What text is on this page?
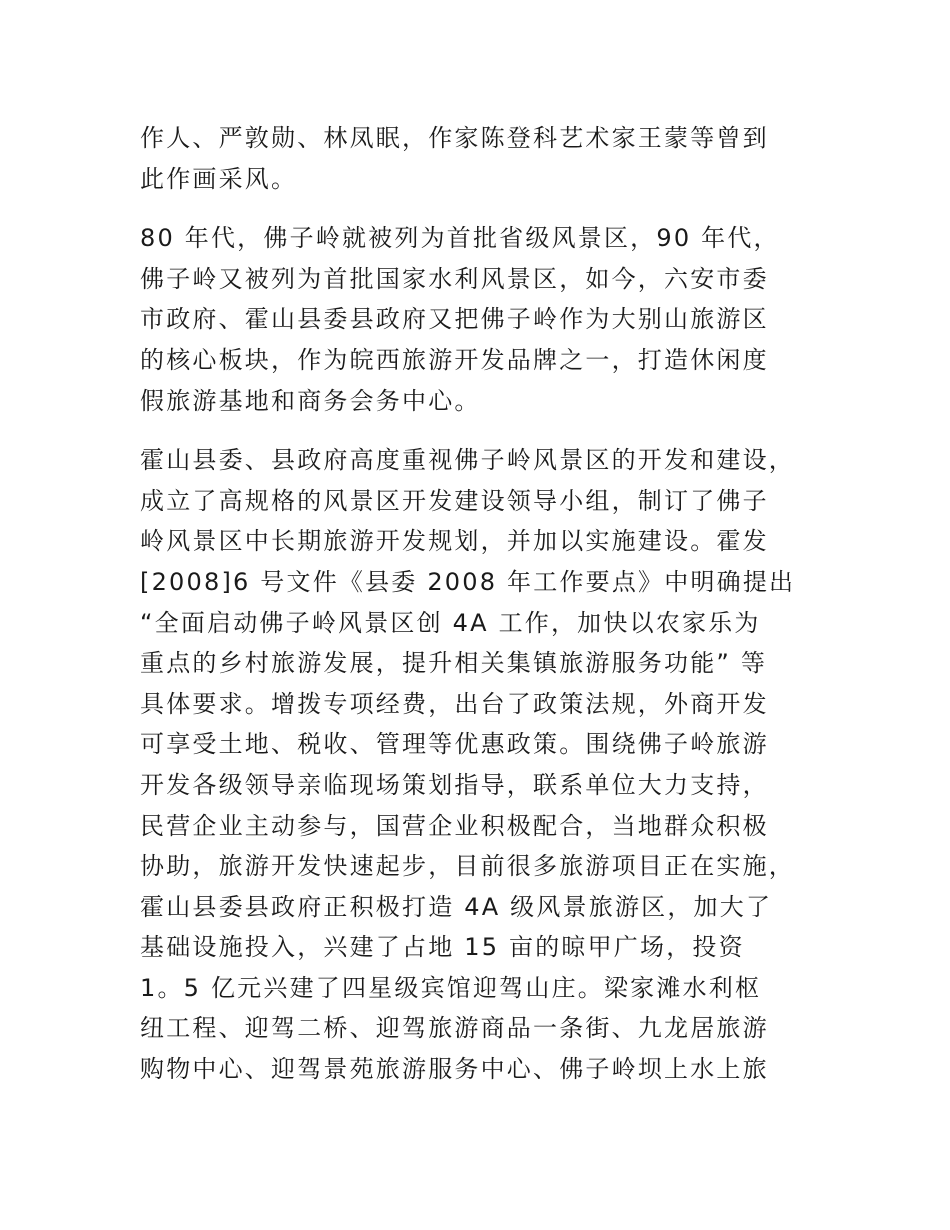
作人、严敦勋、林凤眠，作家陈登科艺术家王蒙等曾到
此作画采风。
80 年代，佛子岭就被列为首批省级风景区，90 年代，
佛子岭又被列为首批国家水利风景区，如今，六安市委
市政府、霍山县委县政府又把佛子岭作为大别山旅游区
的核心板块，作为皖西旅游开发品牌之一，打造休闲度
假旅游基地和商务会务中心。
霍山县委、县政府高度重视佛子岭风景区的开发和建设，
成立了高规格的风景区开发建设领导小组，制订了佛子
岭风景区中长期旅游开发规划，并加以实施建设。霍发
[2008]6 号文件《县委 2008 年工作要点》中明确提出
“全面启动佛子岭风景区创 4A 工作，加快以农家乐为
重点的乡村旅游发展，提升相关集镇旅游服务功能” 等
具体要求。增拨专项经费，出台了政策法规，外商开发
可享受土地、税收、管理等优惠政策。围绕佛子岭旅游
开发各级领导亲临现场策划指导，联系单位大力支持，
民营企业主动参与，国营企业积极配合，当地群众积极
协助，旅游开发快速起步，目前很多旅游项目正在实施，
霍山县委县政府正积极打造 4A 级风景旅游区，加大了
基础设施投入，兴建了占地 15 亩的晾甲广场，投资
1。5 亿元兴建了四星级宾馆迎驾山庄。梁家滩水利枢
纽工程、迎驾二桥、迎驾旅游商品一条街、九龙居旅游
购物中心、迎驾景苑旅游服务中心、佛子岭坝上水上旅
